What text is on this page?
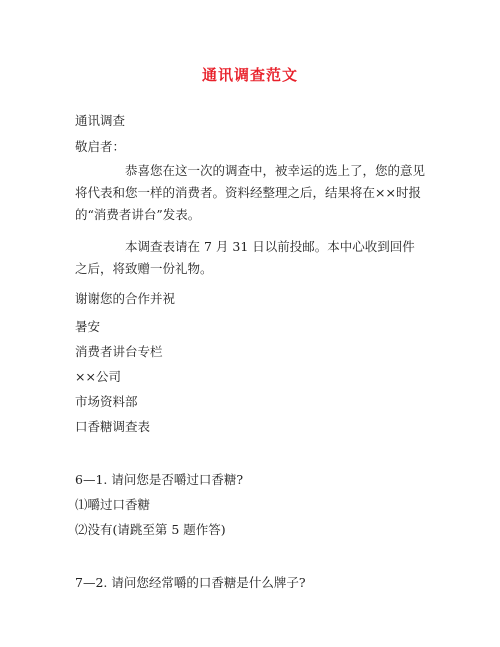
通讯调查范文
通讯调查
敬启者：
恭喜您在这一次的调查中，被幸运的选上了，您的意见将代表和您一样的消费者。资料经整理之后，结果将在××时报的“消费者讲台”发表。
本调查表请在 7 月 31 日以前投邮。本中心收到回件之后，将致赠一份礼物。
谢谢您的合作并祝
暑安
消费者讲台专栏
××公司
市场资料部
口香糖调查表
6—1. 请问您是否嚼过口香糖?
⑴嚼过口香糖
⑵没有(请跳至第 5 题作答)
7—2. 请问您经常嚼的口香糖是什么牌子?
